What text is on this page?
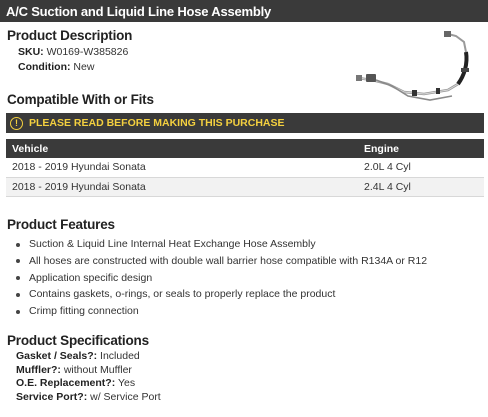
A/C Suction and Liquid Line Hose Assembly
Product Description
SKU: W0169-W385826
Condition: New
Compatible With or Fits
!	PLEASE READ BEFORE MAKING THIS PURCHASE
Vehicle	Engine
2018 - 2019 Hyundai Sonata	2.0L 4 Cyl
2018 - 2019 Hyundai Sonata	2.4L 4 Cyl
Product Features
Suction & Liquid Line Internal Heat Exchange Hose Assembly
All hoses are constructed with double wall barrier hose compatible with R134A or R12
Application specific design
Contains gaskets, o-rings, or seals to properly replace the product
Crimp fitting connection
Product Specifications
Gasket / Seals?: Included
Muffler?: without Muffler
O.E. Replacement?: Yes
Service Port?: w/ Service Port
